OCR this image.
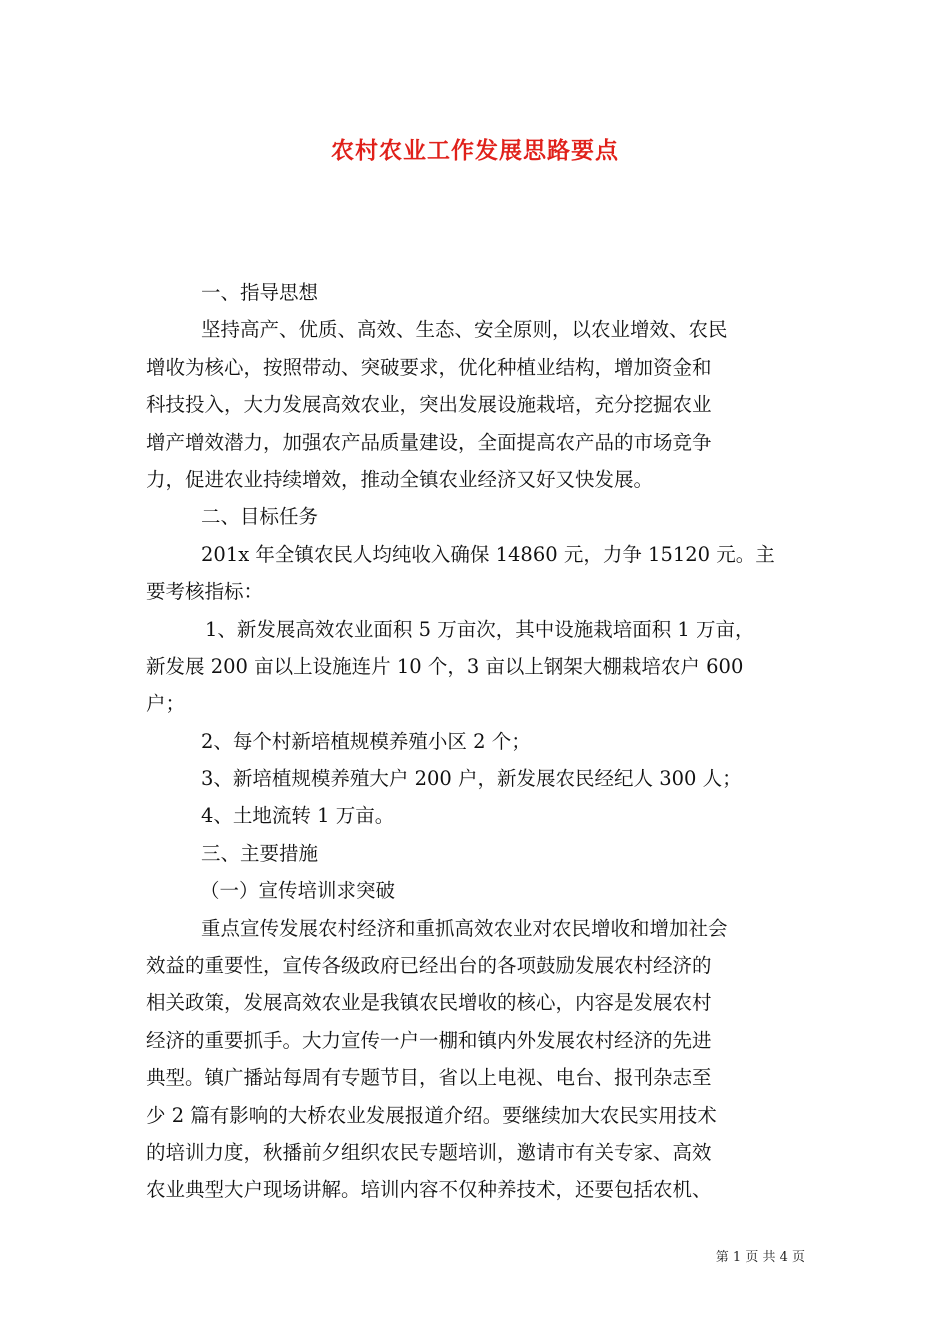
农村农业工作发展思路要点
一、指导思想
坚持高产、优质、高效、生态、安全原则，以农业增效、农民
增收为核心，按照带动、突破要求，优化种植业结构，增加资金和
科技投入，大力发展高效农业，突出发展设施栽培，充分挖掘农业
增产增效潜力，加强农产品质量建设，全面提高农产品的市场竞争
力，促进农业持续增效，推动全镇农业经济又好又快发展。
二、目标任务
201x 年全镇农民人均纯收入确保 14860 元，力争 15120 元。主
要考核指标：
1、新发展高效农业面积 5 万亩次，其中设施栽培面积 1 万亩，
新发展 200 亩以上设施连片 10 个，3 亩以上钢架大棚栽培农户 600
户；
2、每个村新培植规模养殖小区 2 个；
3、新培植规模养殖大户 200 户，新发展农民经纪人 300 人；
4、土地流转 1 万亩。
三、主要措施
（一）宣传培训求突破
重点宣传发展农村经济和重抓高效农业对农民增收和增加社会
效益的重要性，宣传各级政府已经出台的各项鼓励发展农村经济的
相关政策，发展高效农业是我镇农民增收的核心，内容是发展农村
经济的重要抓手。大力宣传一户一棚和镇内外发展农村经济的先进
典型。镇广播站每周有专题节目，省以上电视、电台、报刊杂志至
少 2 篇有影响的大桥农业发展报道介绍。要继续加大农民实用技术
的培训力度，秋播前夕组织农民专题培训，邀请市有关专家、高效
农业典型大户现场讲解。培训内容不仅种养技术，还要包括农机、
第 1 页 共 4 页
